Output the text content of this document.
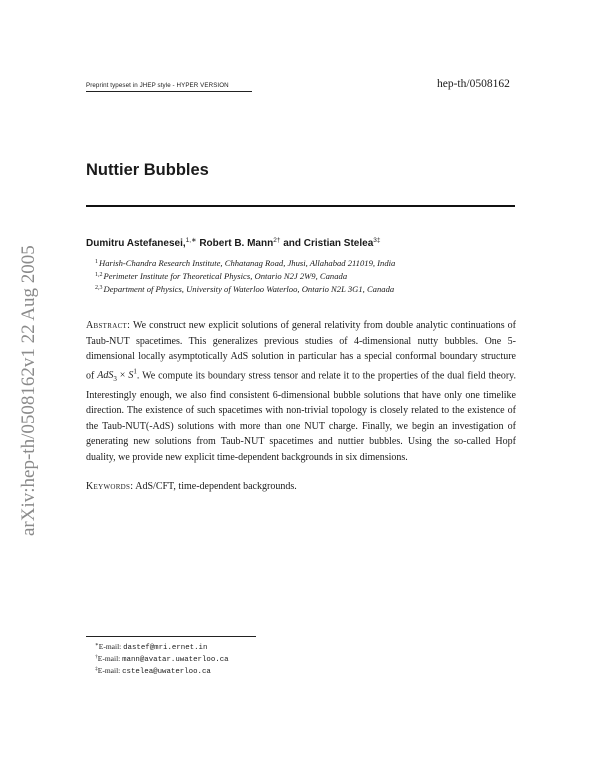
Preprint typeset in JHEP style - HYPER VERSION	hep-th/0508162
arXiv:hep-th/0508162v1 22 Aug 2005
Nuttier Bubbles
Dumitru Astefanesei,$^{1,∗}$ Robert B. Mann$^{2\dagger}$ and Cristian Stelea$^{3\ddagger}$
$^1$Harish-Chandra Research Institute, Chhatanag Road, Jhusi, Allahabad 211019, India
$^{1,2}$Perimeter Institute for Theoretical Physics, Ontario N2J 2W9, Canada
$^{2,3}$Department of Physics, University of Waterloo Waterloo, Ontario N2L 3G1, Canada
Abstract: We construct new explicit solutions of general relativity from double analytic continuations of Taub-NUT spacetimes. This generalizes previous studies of 4-dimensional nutty bubbles. One 5-dimensional locally asymptotically AdS solution in particular has a special conformal boundary structure of $AdS_3 \times S^1$. We compute its boundary stress tensor and relate it to the properties of the dual field theory. Interestingly enough, we also find consistent 6-dimensional bubble solutions that have only one timelike direction. The existence of such spacetimes with non-trivial topology is closely related to the existence of the Taub-NUT(-AdS) solutions with more than one NUT charge. Finally, we begin an investigation of generating new solutions from Taub-NUT spacetimes and nuttier bubbles. Using the so-called Hopf duality, we provide new explicit time-dependent backgrounds in six dimensions.
Keywords: AdS/CFT, time-dependent backgrounds.
∗E-mail: dastef@mri.ernet.in
†E-mail: mann@avatar.uwaterloo.ca
‡E-mail: cstelea@uwaterloo.ca
